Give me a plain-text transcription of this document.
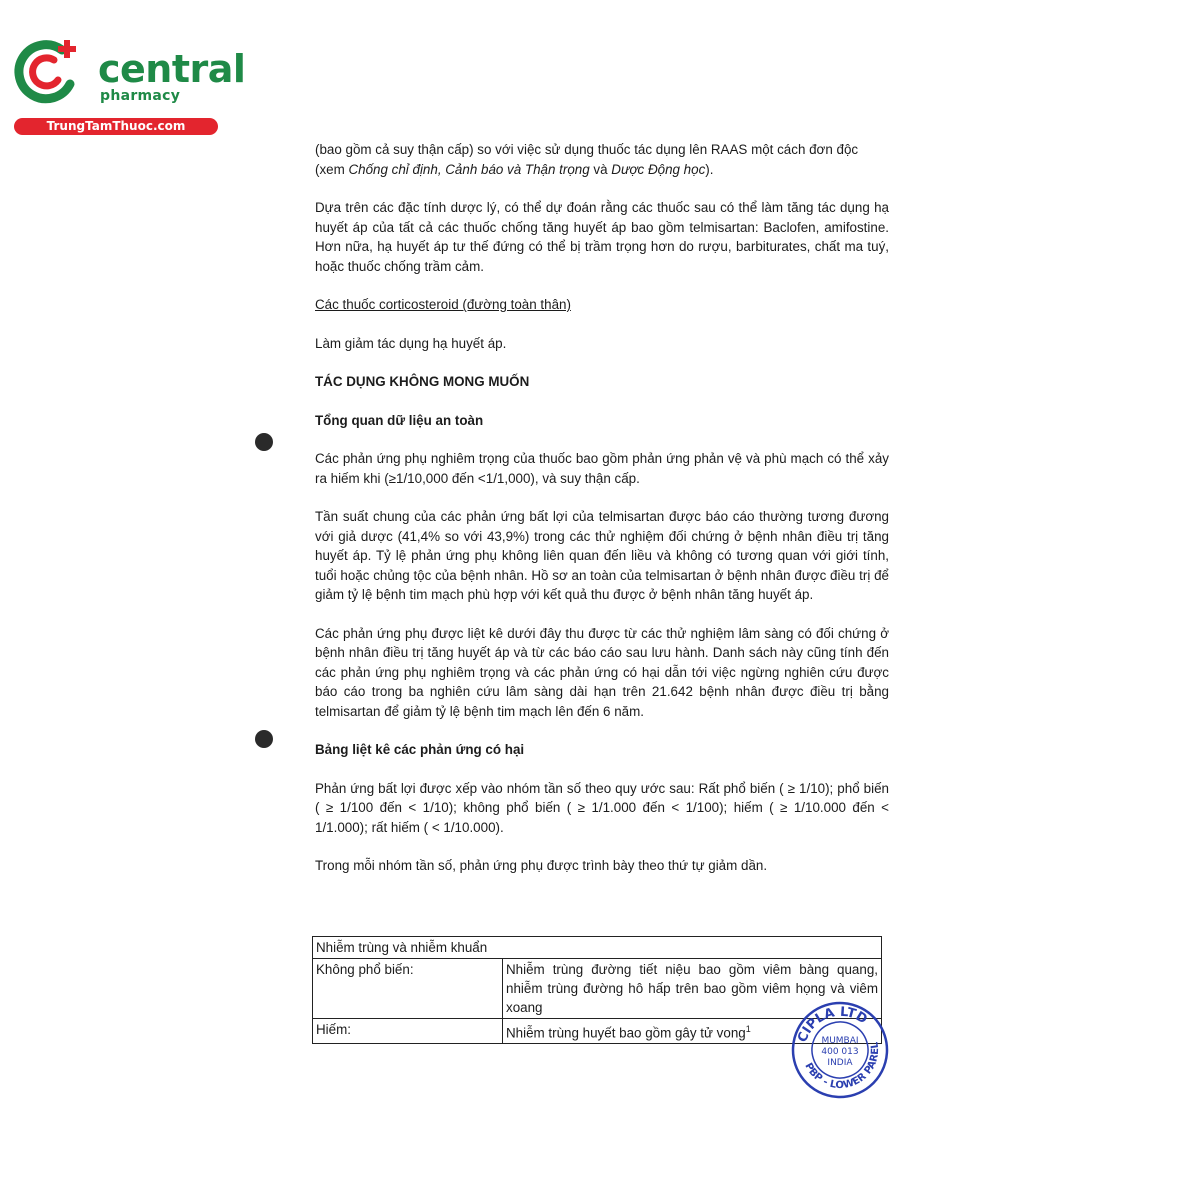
central
pharmacy
TrungTamThuoc.com

(bao gồm cả suy thận cấp) so với việc sử dụng thuốc tác dụng lên RAAS một cách đơn độc
(xem Chống chỉ định, Cảnh báo và Thận trọng và Dược Động học).

Dựa trên các đặc tính dược lý, có thể dự đoán rằng các thuốc sau có thể làm tăng tác dụng hạ huyết áp của tất cả các thuốc chống tăng huyết áp bao gồm telmisartan: Baclofen, amifostine. Hơn nữa, hạ huyết áp tư thế đứng có thể bị trầm trọng hơn do rượu, barbiturates, chất ma tuý, hoặc thuốc chống trầm cảm.

Các thuốc corticosteroid (đường toàn thân)

Làm giảm tác dụng hạ huyết áp.

TÁC DỤNG KHÔNG MONG MUỐN

Tổng quan dữ liệu an toàn

Các phản ứng phụ nghiêm trọng của thuốc bao gồm phản ứng phản vệ và phù mạch có thể xảy ra hiếm khi (≥1/10,000 đến <1/1,000), và suy thận cấp.

Tần suất chung của các phản ứng bất lợi của telmisartan được báo cáo thường tương đương với giả dược (41,4% so với 43,9%) trong các thử nghiệm đối chứng ở bệnh nhân điều trị tăng huyết áp. Tỷ lệ phản ứng phụ không liên quan đến liều và không có tương quan với giới tính, tuổi hoặc chủng tộc của bệnh nhân. Hồ sơ an toàn của telmisartan ở bệnh nhân được điều trị để giảm tỷ lệ bệnh tim mạch phù hợp với kết quả thu được ở bệnh nhân tăng huyết áp.

Các phản ứng phụ được liệt kê dưới đây thu được từ các thử nghiệm lâm sàng có đối chứng ở bệnh nhân điều trị tăng huyết áp và từ các báo cáo sau lưu hành. Danh sách này cũng tính đến các phản ứng phụ nghiêm trọng và các phản ứng có hại dẫn tới việc ngừng nghiên cứu được báo cáo trong ba nghiên cứu lâm sàng dài hạn trên 21.642 bệnh nhân được điều trị bằng telmisartan để giảm tỷ lệ bệnh tim mạch lên đến 6 năm.

Bảng liệt kê các phản ứng có hại

Phản ứng bất lợi được xếp vào nhóm tần số theo quy ước sau: Rất phổ biến ( ≥ 1/10); phổ biến ( ≥ 1/100 đến < 1/10); không phổ biến ( ≥ 1/1.000 đến < 1/100); hiếm ( ≥ 1/10.000 đến < 1/1.000); rất hiếm ( < 1/10.000).

Trong mỗi nhóm tần số, phản ứng phụ được trình bày theo thứ tự giảm dần.

Nhiễm trùng và nhiễm khuẩn	
Không phổ biến:	Nhiễm trùng đường tiết niệu bao gồm viêm bàng quang, nhiễm trùng đường hô hấp trên bao gồm viêm họng và viêm xoang
Hiếm:	Nhiễm trùng huyết bao gồm gây tử vong$^1$
CIPLA LTD
PBP - LOWER PAREL
MUMBAI
400 013
INDIA
